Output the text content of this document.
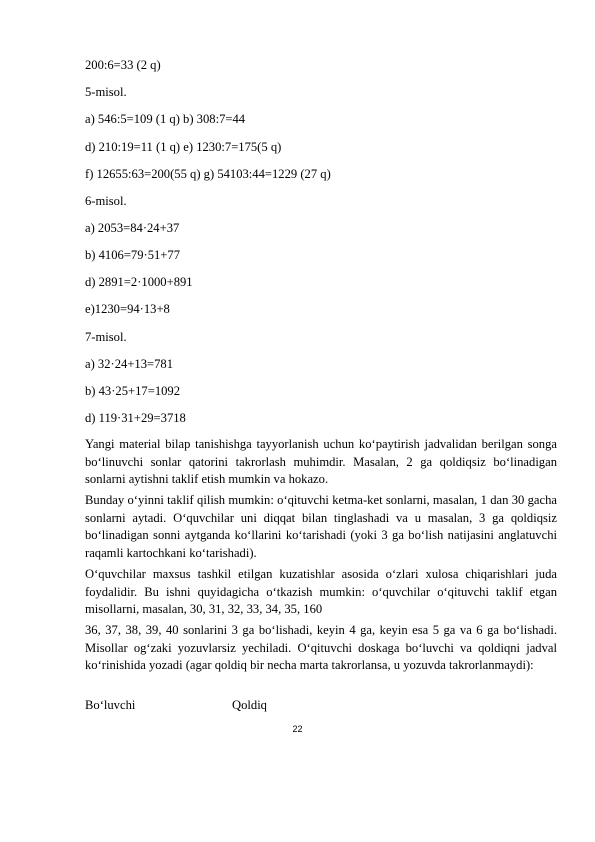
200:6=33 (2 q)
5-misol.
a) 546:5=109 (1 q) b) 308:7=44
d) 210:19=11 (1 q) e) 1230:7=175(5 q)
f) 12655:63=200(55 q) g) 54103:44=1229 (27 q)
6-misol.
a) 2053=84·24+37
b) 4106=79·51+77
d) 2891=2·1000+891
e)1230=94·13+8
7-misol.
a) 32·24+13=781
b) 43·25+17=1092
d) 119·31+29=3718
Yangi material bilap tanishishga tayyorlanish uchun ko‘paytirish jadvalidan berilgan songa bo‘linuvchi sonlar qatorini takrorlash muhimdir. Masalan, 2 ga qoldiqsiz bo‘linadigan sonlarni aytishni taklif etish mumkin va hokazo.
Bunday o‘yinni taklif qilish mumkin: o‘qituvchi ketma-ket sonlarni, masalan, 1 dan 30 gacha sonlarni aytadi. O‘quvchilar uni diqqat bilan tinglashadi va u masalan, 3 ga qoldiqsiz bo‘linadigan sonni aytganda ko‘llarini ko‘tarishadi (yoki 3 ga bo‘lish natijasini anglatuvchi raqamli kartochkani ko‘tarishadi).
O‘quvchilar maxsus tashkil etilgan kuzatishlar asosida o‘zlari xulosa chiqarishlari juda foydalidir. Bu ishni quyidagicha o‘tkazish mumkin: o‘quvchilar o‘qituvchi taklif etgan misollarni, masalan, 30, 31, 32, 33, 34, 35, 160
36, 37, 38, 39, 40 sonlarini 3 ga bo‘lishadi, keyin 4 ga, keyin esa 5 ga va 6 ga bo‘lishadi. Misollar og‘zaki yozuvlarsiz yechiladi. O‘qituvchi doskaga bo‘luvchi va qoldiqni jadval ko‘rinishida yozadi (agar qoldiq bir necha marta takrorlansa, u yozuvda takrorlanmaydi):
Bo‘luvchi	Qoldiq
22
